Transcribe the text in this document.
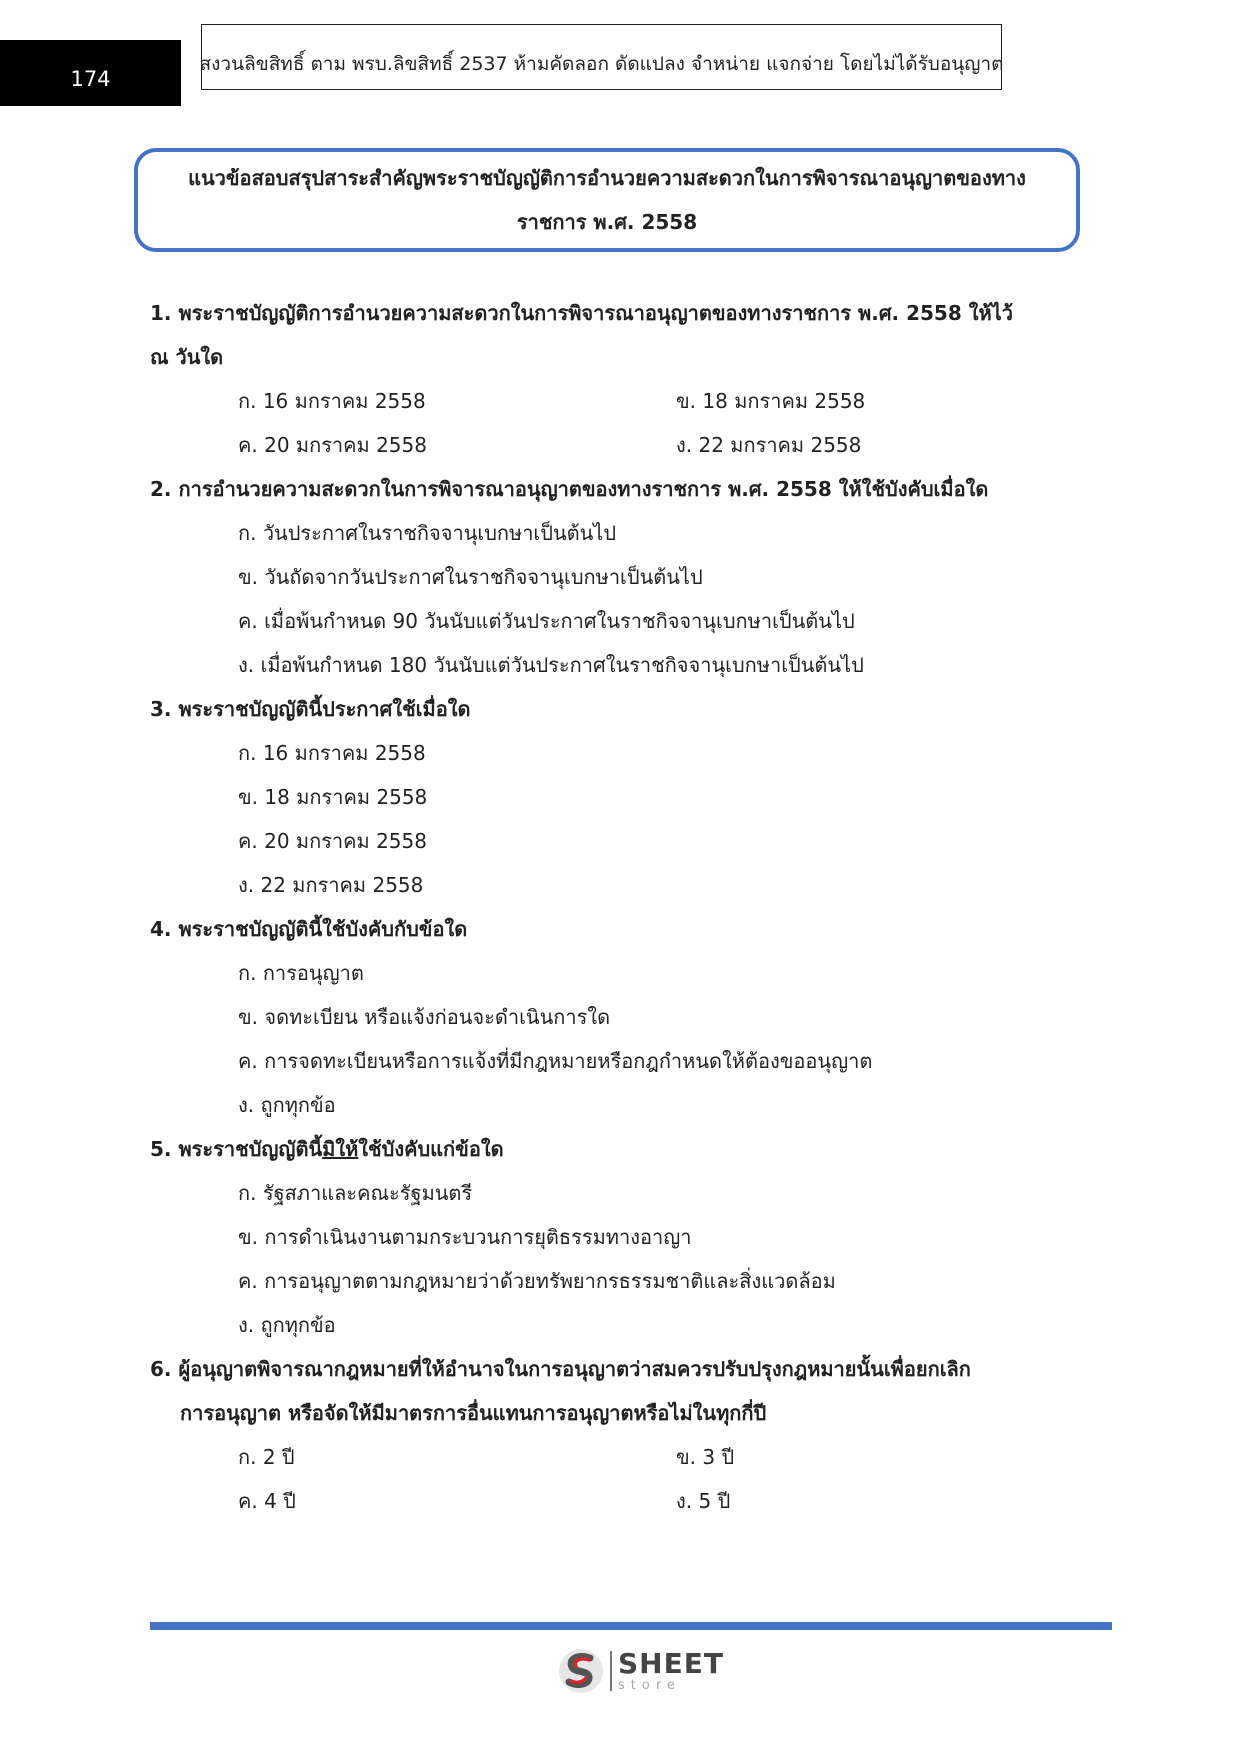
174
สงวนลิขสิทธิ์ ตาม พรบ.ลิขสิทธิ์ 2537 ห้ามคัดลอก ดัดแปลง จำหน่าย แจกจ่าย โดยไม่ได้รับอนุญาต
แนวข้อสอบสรุปสาระสำคัญพระราชบัญญัติการอำนวยความสะดวกในการพิจารณาอนุญาตของทาง
ราชการ พ.ศ. 2558
1. พระราชบัญญัติการอำนวยความสะดวกในการพิจารณาอนุญาตของทางราชการ พ.ศ. 2558 ให้ไว้
ณ วันใด
ก. 16 มกราคม 2558	ข. 18 มกราคม 2558
ค. 20 มกราคม 2558	ง. 22 มกราคม 2558
2. การอำนวยความสะดวกในการพิจารณาอนุญาตของทางราชการ พ.ศ. 2558 ให้ใช้บังคับเมื่อใด
ก. วันประกาศในราชกิจจานุเบกษาเป็นต้นไป
ข. วันถัดจากวันประกาศในราชกิจจานุเบกษาเป็นต้นไป
ค. เมื่อพ้นกำหนด 90 วันนับแต่วันประกาศในราชกิจจานุเบกษาเป็นต้นไป
ง. เมื่อพ้นกำหนด 180 วันนับแต่วันประกาศในราชกิจจานุเบกษาเป็นต้นไป
3. พระราชบัญญัตินี้ประกาศใช้เมื่อใด
ก. 16 มกราคม 2558
ข. 18 มกราคม 2558
ค. 20 มกราคม 2558
ง. 22 มกราคม 2558
4. พระราชบัญญัตินี้ใช้บังคับกับข้อใด
ก. การอนุญาต
ข. จดทะเบียน หรือแจ้งก่อนจะดำเนินการใด
ค. การจดทะเบียนหรือการแจ้งที่มีกฎหมายหรือกฎกำหนดให้ต้องขออนุญาต
ง. ถูกทุกข้อ
5. พระราชบัญญัตินี้มิให้ใช้บังคับแก่ข้อใด
ก. รัฐสภาและคณะรัฐมนตรี
ข. การดำเนินงานตามกระบวนการยุติธรรมทางอาญา
ค. การอนุญาตตามกฎหมายว่าด้วยทรัพยากรธรรมชาติและสิ่งแวดล้อม
ง. ถูกทุกข้อ
6. ผู้อนุญาตพิจารณากฎหมายที่ให้อำนาจในการอนุญาตว่าสมควรปรับปรุงกฎหมายนั้นเพื่อยกเลิก
การอนุญาต หรือจัดให้มีมาตรการอื่นแทนการอนุญาตหรือไม่ในทุกกี่ปี
ก. 2 ปี	ข. 3 ปี
ค. 4 ปี	ง. 5 ปี
SHEET
store
